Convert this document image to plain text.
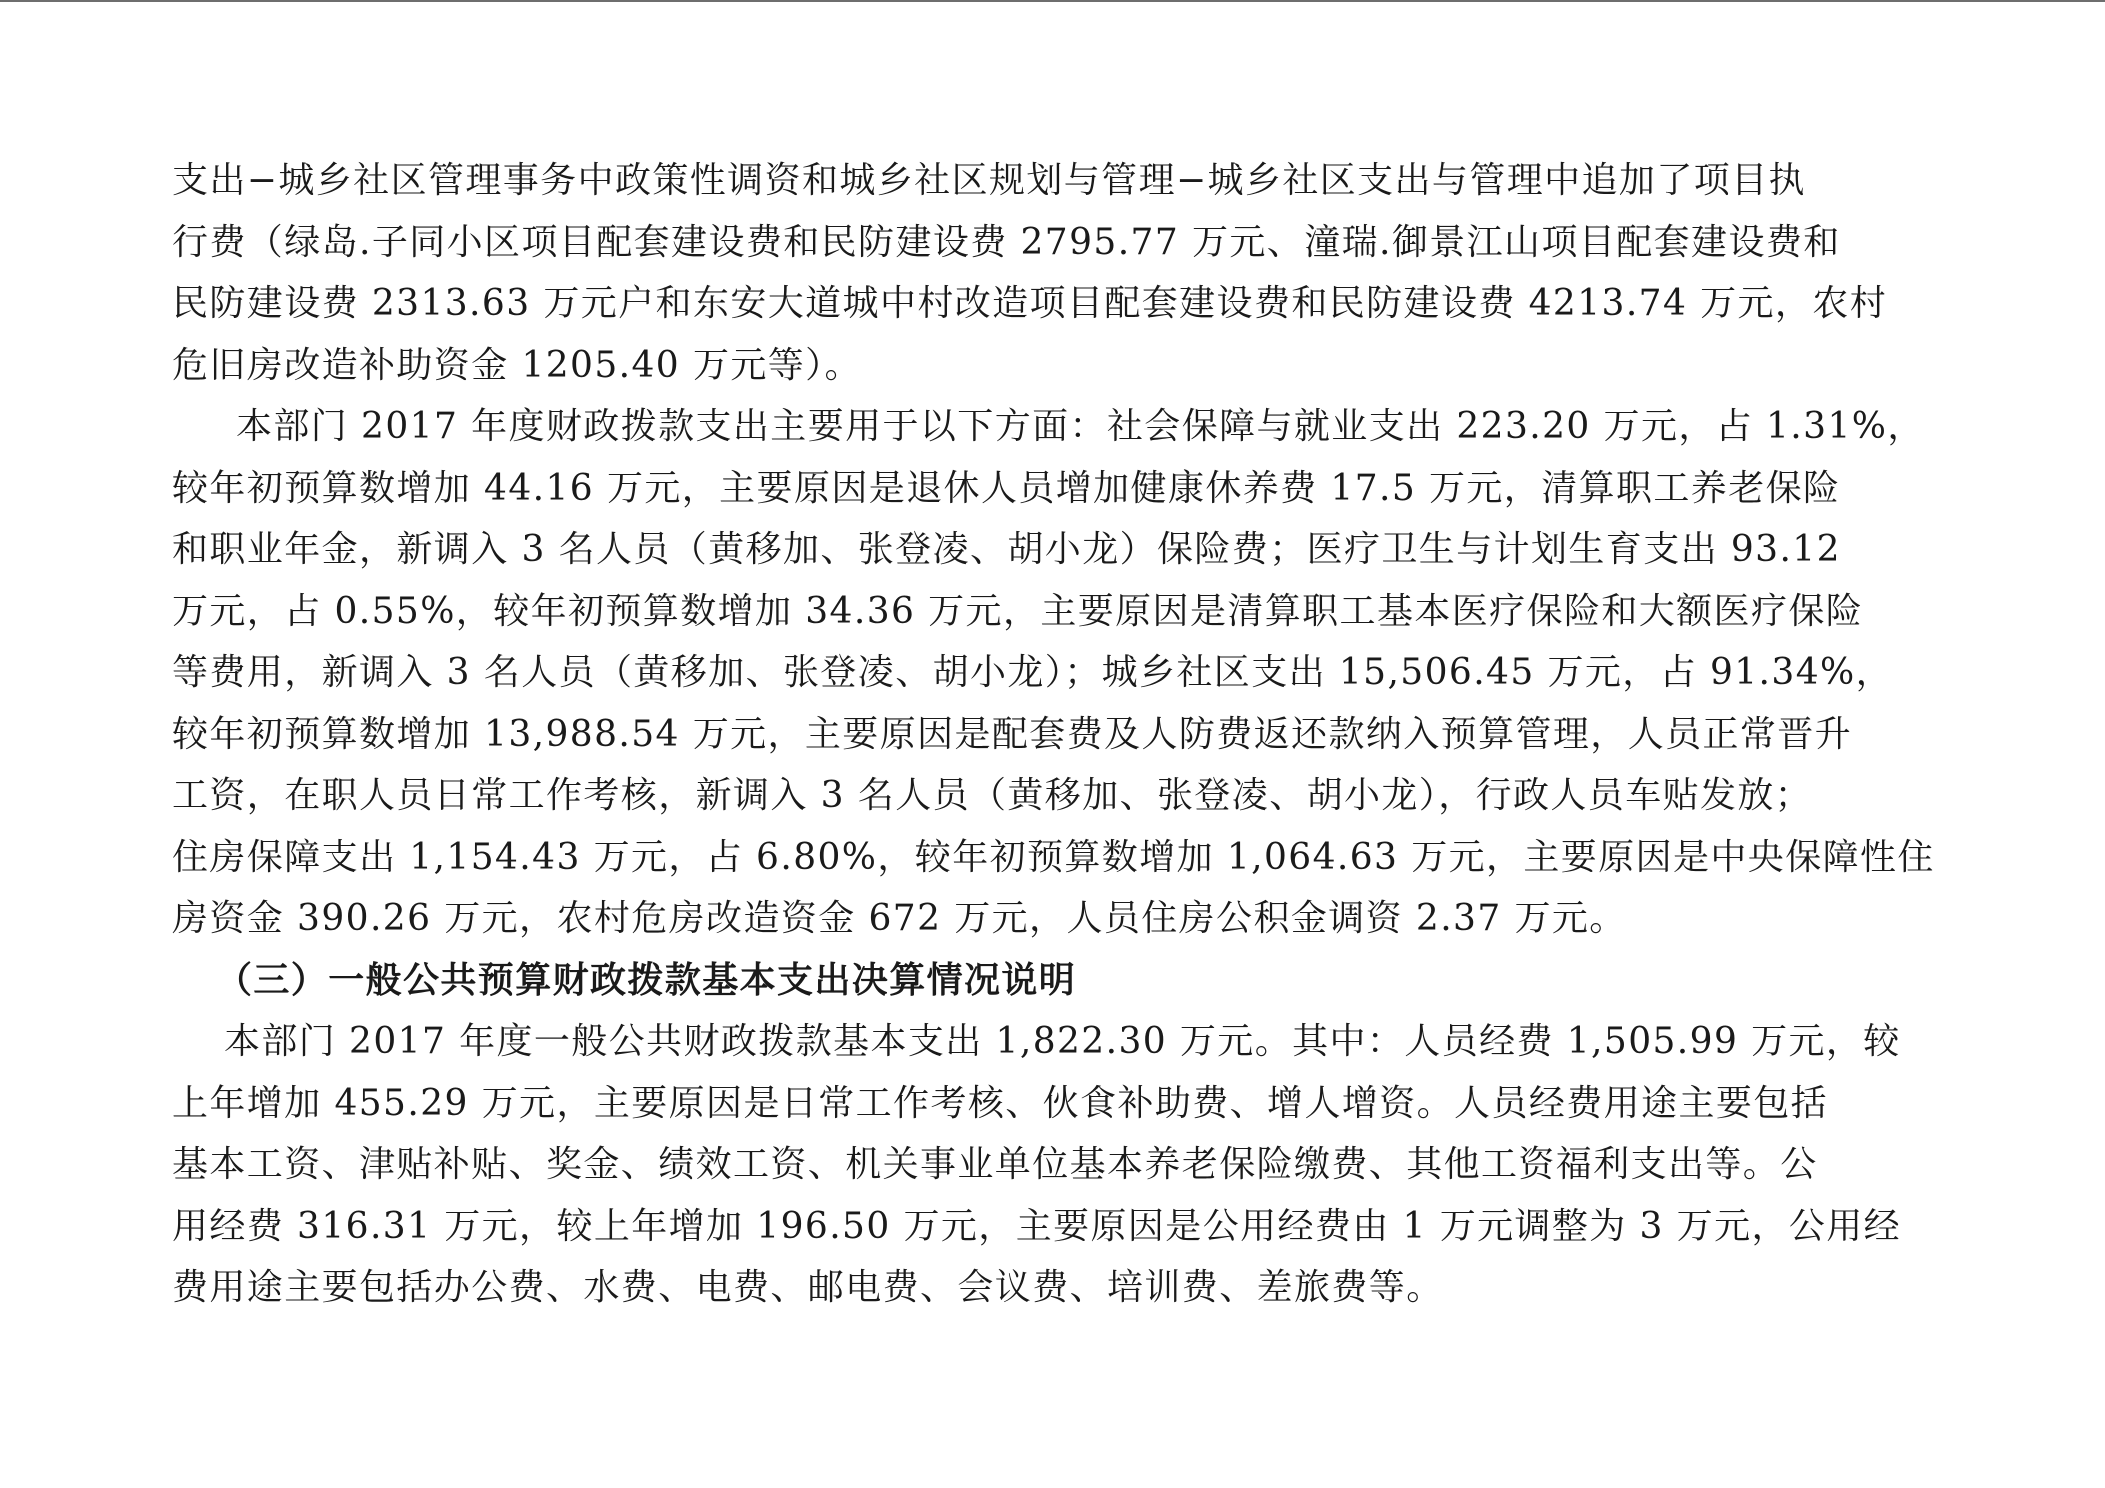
支出−城乡社区管理事务中政策性调资和城乡社区规划与管理−城乡社区支出与管理中追加了项目执
行费（绿岛.子同小区项目配套建设费和民防建设费 2795.77 万元、潼瑞.御景江山项目配套建设费和
民防建设费 2313.63 万元户和东安大道城中村改造项目配套建设费和民防建设费 4213.74 万元，农村
危旧房改造补助资金 1205.40 万元等）。
本部门 2017 年度财政拨款支出主要用于以下方面：社会保障与就业支出 223.20 万元，占 1.31%，
较年初预算数增加 44.16 万元，主要原因是退休人员增加健康休养费 17.5 万元，清算职工养老保险
和职业年金，新调入 3 名人员（黄移加、张登凌、胡小龙）保险费；医疗卫生与计划生育支出 93.12
万元，占 0.55%，较年初预算数增加 34.36 万元，主要原因是清算职工基本医疗保险和大额医疗保险
等费用，新调入 3 名人员（黄移加、张登凌、胡小龙）；城乡社区支出 15,506.45 万元，占 91.34%，
较年初预算数增加 13,988.54 万元，主要原因是配套费及人防费返还款纳入预算管理，人员正常晋升
工资，在职人员日常工作考核，新调入 3 名人员（黄移加、张登凌、胡小龙），行政人员车贴发放；
住房保障支出 1,154.43 万元，占 6.80%，较年初预算数增加 1,064.63 万元，主要原因是中央保障性住
房资金 390.26 万元，农村危房改造资金 672 万元，人员住房公积金调资 2.37 万元。
（三）一般公共预算财政拨款基本支出决算情况说明
本部门 2017 年度一般公共财政拨款基本支出 1,822.30 万元。其中：人员经费 1,505.99 万元，较
上年增加 455.29 万元，主要原因是日常工作考核、伙食补助费、增人增资。人员经费用途主要包括
基本工资、津贴补贴、奖金、绩效工资、机关事业单位基本养老保险缴费、其他工资福利支出等。公
用经费 316.31 万元，较上年增加 196.50 万元，主要原因是公用经费由 1 万元调整为 3 万元，公用经
费用途主要包括办公费、水费、电费、邮电费、会议费、培训费、差旅费等。
